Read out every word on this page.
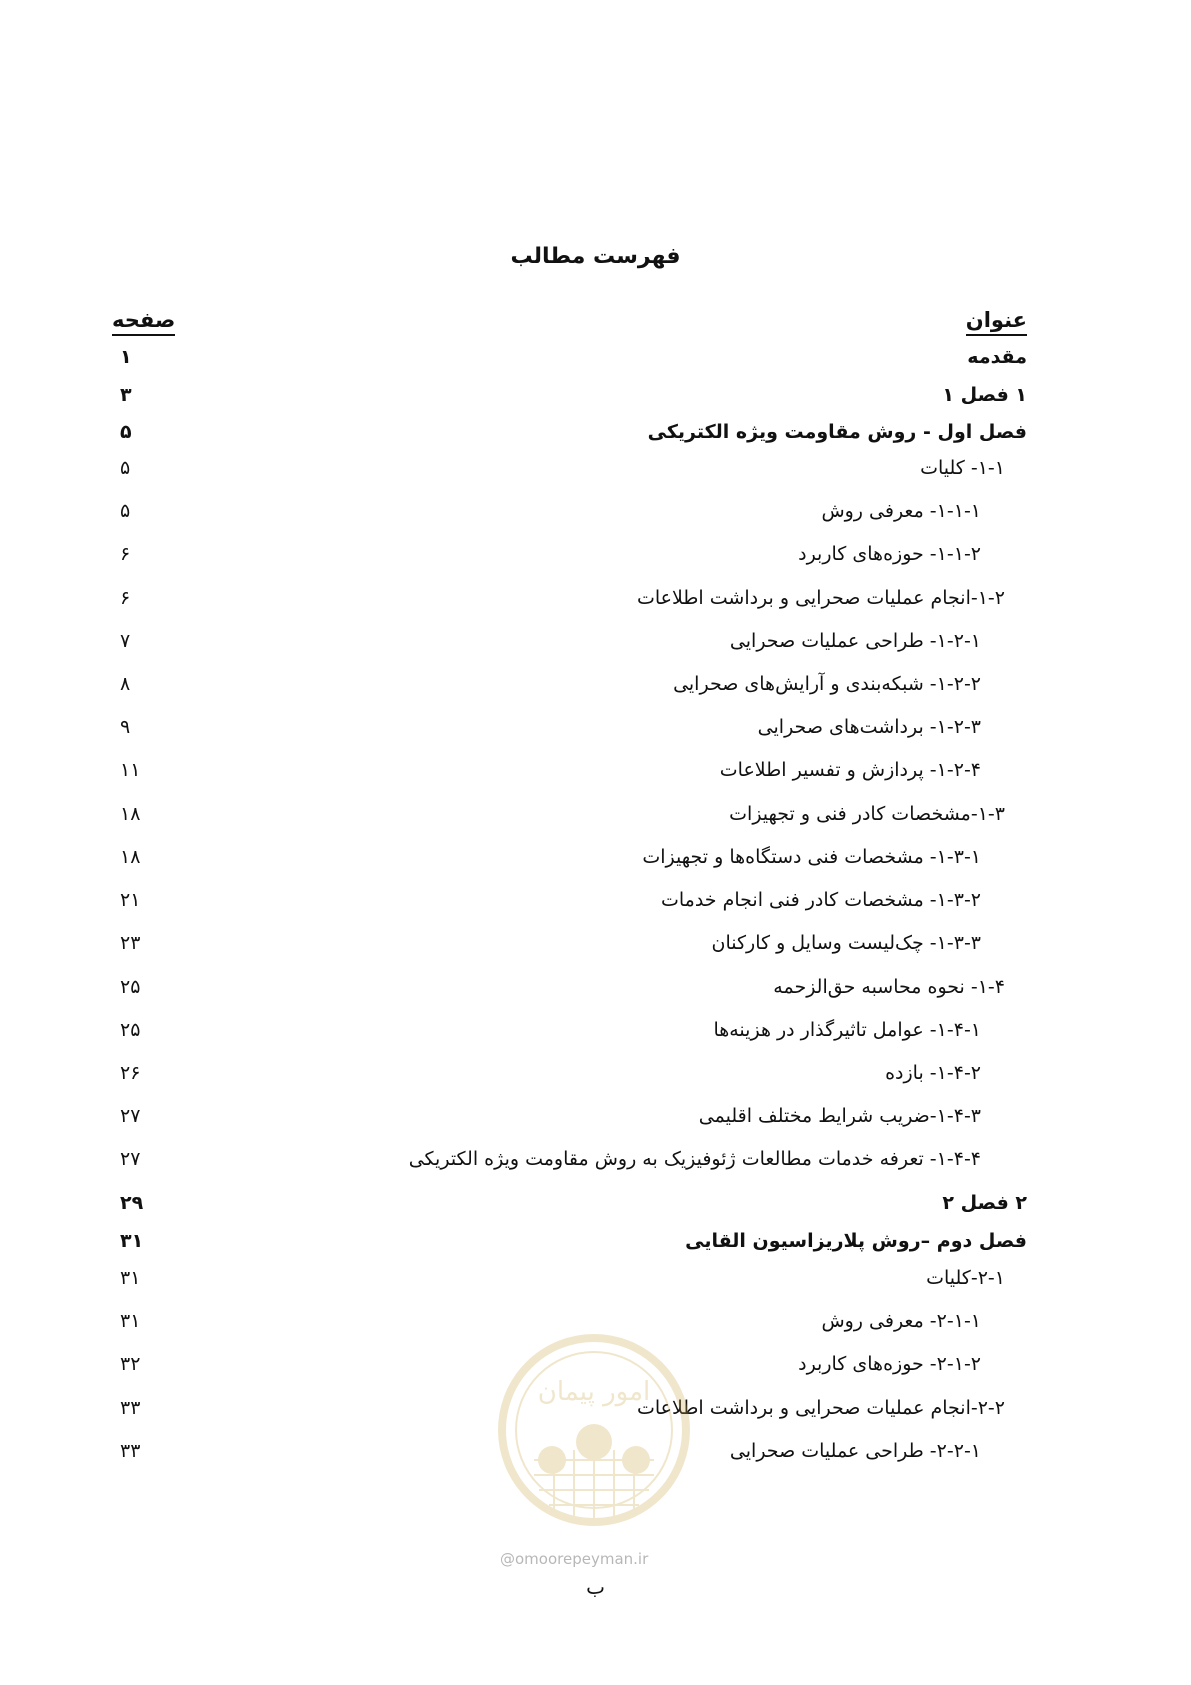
فهرست مطالب
عنوان
صفحه
مقدمه
۱
۱ فصل ۱
۳
فصل اول - روش مقاومت ویژه الکتریکی
۵
۱-۱- کلیات
۵
۱-۱-۱- معرفی روش
۵
۱-۱-۲- حوزه‌های کاربرد
۶
۱-۲-انجام عملیات صحرایی و برداشت اطلاعات
۶
۱-۲-۱- طراحی عملیات صحرایی
۷
۱-۲-۲- شبکه‌بندی و آرایش‌های صحرایی
۸
۱-۲-۳- برداشت‌های صحرایی
۹
۱-۲-۴- پردازش و تفسیر اطلاعات
۱۱
۱-۳-مشخصات کادر فنی و تجهیزات
۱۸
۱-۳-۱- مشخصات فنی دستگاه‌ها و تجهیزات
۱۸
۱-۳-۲- مشخصات کادر فنی انجام خدمات
۲۱
۱-۳-۳- چک‌لیست وسایل و کارکنان
۲۳
۱-۴- نحوه محاسبه حق‌الزحمه
۲۵
۱-۴-۱- عوامل تاثیرگذار در هزینه‌ها
۲۵
۱-۴-۲- بازده
۲۶
۱-۴-۳-ضریب شرایط مختلف اقلیمی
۲۷
۱-۴-۴- تعرفه خدمات مطالعات ژئوفیزیک به روش مقاومت ویژه الکتریکی
۲۷
۲ فصل ۲
۲۹
فصل دوم –روش پلاریزاسیون القایی
۳۱
۲-۱-کلیات
۳۱
۲-۱-۱- معرفی روش
۳۱
۲-۱-۲- حوزه‌های کاربرد
۳۲
۲-۲-انجام عملیات صحرایی و برداشت اطلاعات
۳۳
۲-۲-۱- طراحی عملیات صحرایی
۳۳
امور پیمان
@omoorepeyman.ir
ب
